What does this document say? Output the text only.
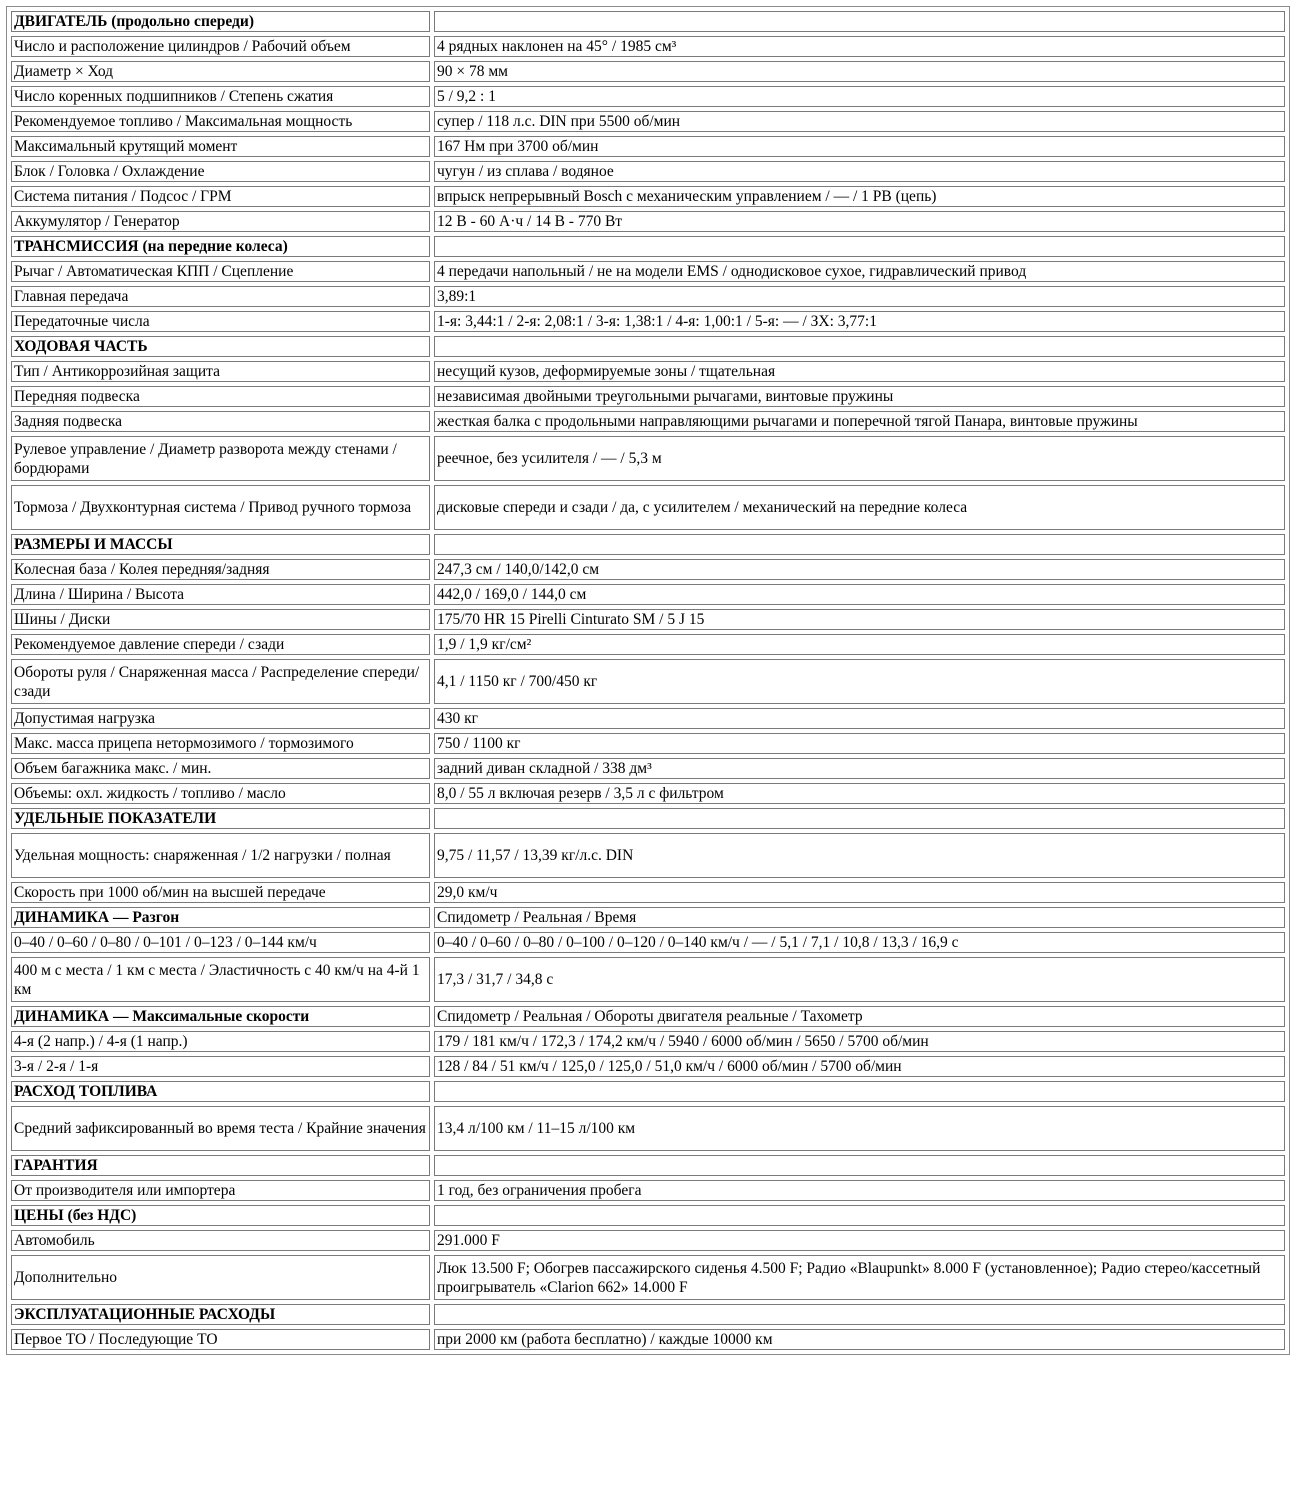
ДВИГАТЕЛЬ (продольно спереди)	
Число и расположение цилиндров / Рабочий объем	4 рядных наклонен на 45° / 1985 см³
Диаметр × Ход	90 × 78 мм
Число коренных подшипников / Степень сжатия	5 / 9,2 : 1
Рекомендуемое топливо / Максимальная мощность	супер / 118 л.с. DIN при 5500 об/мин
Максимальный крутящий момент	167 Нм при 3700 об/мин
Блок / Головка / Охлаждение	чугун / из сплава / водяное
Система питания / Подсос / ГРМ	впрыск непрерывный Bosch с механическим управлением / — / 1 РВ (цепь)
Аккумулятор / Генератор	12 В - 60 А·ч / 14 В - 770 Вт
ТРАНСМИССИЯ (на передние колеса)	
Рычаг / Автоматическая КПП / Сцепление	4 передачи напольный / не на модели EMS / однодисковое сухое, гидравлический привод
Главная передача	3,89:1
Передаточные числа	1-я: 3,44:1 / 2-я: 2,08:1 / 3-я: 1,38:1 / 4-я: 1,00:1 / 5-я: — / ЗХ: 3,77:1
ХОДОВАЯ ЧАСТЬ	
Тип / Антикоррозийная защита	несущий кузов, деформируемые зоны / тщательная
Передняя подвеска	независимая двойными треугольными рычагами, винтовые пружины
Задняя подвеска	жесткая балка с продольными направляющими рычагами и поперечной тягой Панара, винтовые пружины
Рулевое управление / Диаметр разворота между стенами / бордюрами	реечное, без усилителя / — / 5,3 м
Тормоза / Двухконтурная система / Привод ручного тормоза	дисковые спереди и сзади / да, с усилителем / механический на передние колеса
РАЗМЕРЫ И МАССЫ	
Колесная база / Колея передняя/задняя	247,3 см / 140,0/142,0 см
Длина / Ширина / Высота	442,0 / 169,0 / 144,0 см
Шины / Диски	175/70 HR 15 Pirelli Cinturato SM / 5 J 15
Рекомендуемое давление спереди / сзади	1,9 / 1,9 кг/см²
Обороты руля / Снаряженная масса / Распределение спереди/сзади	4,1 / 1150 кг / 700/450 кг
Допустимая нагрузка	430 кг
Макс. масса прицепа нетормозимого / тормозимого	750 / 1100 кг
Объем багажника макс. / мин.	задний диван складной / 338 дм³
Объемы: охл. жидкость / топливо / масло	8,0 / 55 л включая резерв / 3,5 л с фильтром
УДЕЛЬНЫЕ ПОКАЗАТЕЛИ	
Удельная мощность: снаряженная / 1/2 нагрузки / полная	9,75 / 11,57 / 13,39 кг/л.с. DIN
Скорость при 1000 об/мин на высшей передаче	29,0 км/ч
ДИНАМИКА — Разгон	Спидометр / Реальная / Время
0–40 / 0–60 / 0–80 / 0–101 / 0–123 / 0–144 км/ч	0–40 / 0–60 / 0–80 / 0–100 / 0–120 / 0–140 км/ч / — / 5,1 / 7,1 / 10,8 / 13,3 / 16,9 с
400 м с места / 1 км с места / Эластичность с 40 км/ч на 4-й 1 км	17,3 / 31,7 / 34,8 с
ДИНАМИКА — Максимальные скорости	Спидометр / Реальная / Обороты двигателя реальные / Тахометр
4-я (2 напр.) / 4-я (1 напр.)	179 / 181 км/ч / 172,3 / 174,2 км/ч / 5940 / 6000 об/мин / 5650 / 5700 об/мин
3-я / 2-я / 1-я	128 / 84 / 51 км/ч / 125,0 / 125,0 / 51,0 км/ч / 6000 об/мин / 5700 об/мин
РАСХОД ТОПЛИВА	
Средний зафиксированный во время теста / Крайние значения	13,4 л/100 км / 11–15 л/100 км
ГАРАНТИЯ	
От производителя или импортера	1 год, без ограничения пробега
ЦЕНЫ (без НДС)	
Автомобиль	291.000 F
Дополнительно	Люк 13.500 F; Обогрев пассажирского сиденья 4.500 F; Радио «Blaupunkt» 8.000 F (установленное); Радио стерео/кассетный проигрыватель «Clarion 662» 14.000 F
ЭКСПЛУАТАЦИОННЫЕ РАСХОДЫ	
Первое ТО / Последующие ТО	при 2000 км (работа бесплатно) / каждые 10000 км
